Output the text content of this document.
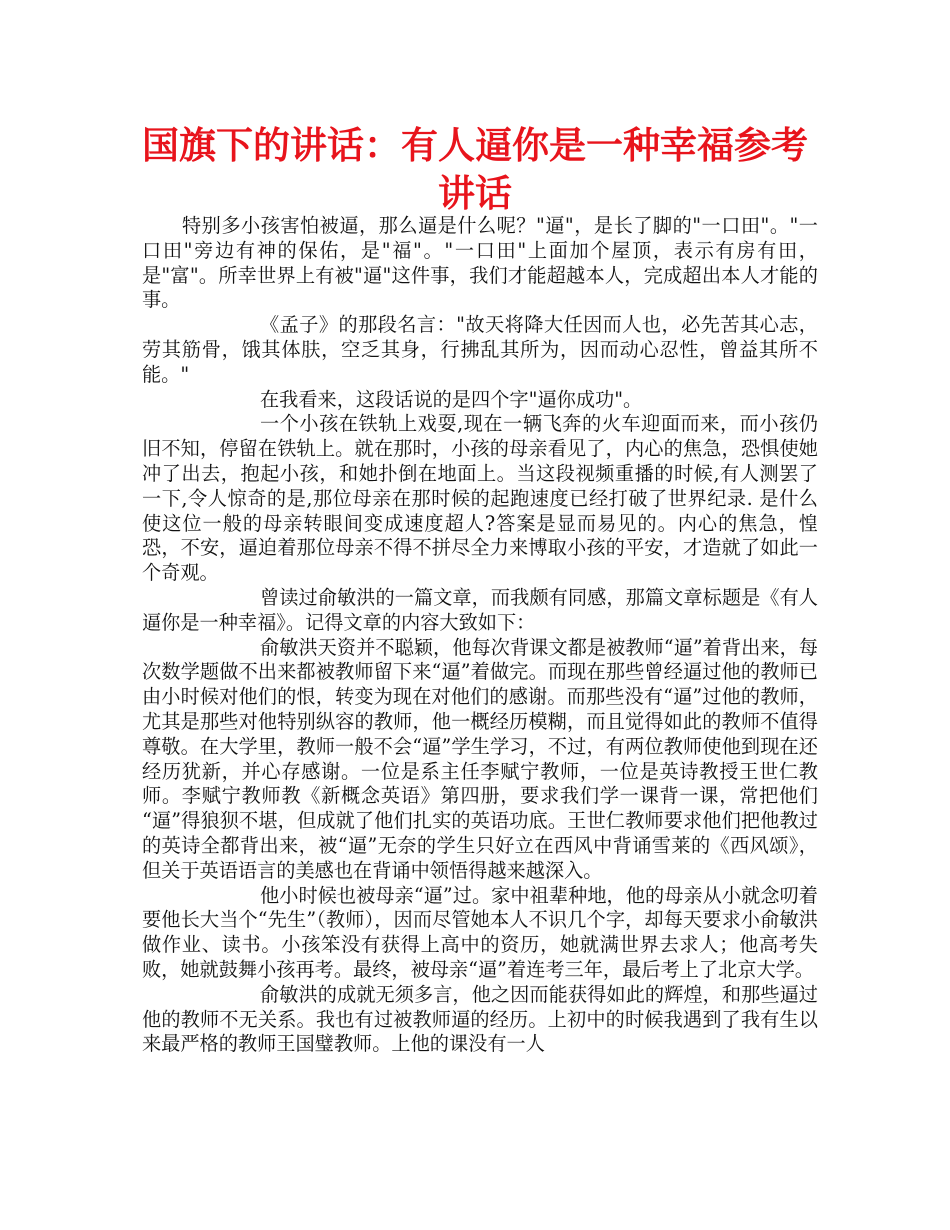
国旗下的讲话：有人逼你是一种幸福参考讲话

特别多小孩害怕被逼，那么逼是什么呢？"逼"，是长了脚的"一口田"。"一口田"旁边有神的保佑，是"福"。"一口田"上面加个屋顶，表示有房有田，是"富"。所幸世界上有被"逼"这件事，我们才能超越本人，完成超出本人才能的事。

《孟子》的那段名言："故天将降大任因而人也，必先苦其心志，劳其筋骨，饿其体肤，空乏其身，行拂乱其所为，因而动心忍性，曾益其所不能。"

在我看来，这段话说的是四个字"逼你成功"。

一个小孩在铁轨上戏耍,现在一辆飞奔的火车迎面而来，而小孩仍旧不知，停留在铁轨上。就在那时，小孩的母亲看见了，内心的焦急，恐惧使她冲了出去，抱起小孩，和她扑倒在地面上。当这段视频重播的时候,有人测罢了一下,令人惊奇的是,那位母亲在那时候的起跑速度已经打破了世界纪录. 是什么使这位一般的母亲转眼间变成速度超人?答案是显而易见的。内心的焦急，惶恐，不安，逼迫着那位母亲不得不拼尽全力来博取小孩的平安，才造就了如此一个奇观。

曾读过俞敏洪的一篇文章，而我颇有同感，那篇文章标题是《有人逼你是一种幸福》。记得文章的内容大致如下：

俞敏洪天资并不聪颖，他每次背课文都是被教师“逼”着背出来，每次数学题做不出来都被教师留下来“逼”着做完。而现在那些曾经逼过他的教师已由小时候对他们的恨，转变为现在对他们的感谢。而那些没有“逼”过他的教师，尤其是那些对他特别纵容的教师，他一概经历模糊，而且觉得如此的教师不值得尊敬。在大学里，教师一般不会“逼”学生学习，不过，有两位教师使他到现在还经历犹新，并心存感谢。一位是系主任李赋宁教师，一位是英诗教授王世仁教师。李赋宁教师教《新概念英语》第四册，要求我们学一课背一课，常把他们 “逼”得狼狈不堪，但成就了他们扎实的英语功底。王世仁教师要求他们把他教过的英诗全都背出来，被“逼”无奈的学生只好立在西风中背诵雪莱的《西风颂》，但关于英语语言的美感也在背诵中领悟得越来越深入。

他小时候也被母亲“逼”过。家中祖辈种地，他的母亲从小就念叨着要他长大当个“先生”（教师），因而尽管她本人不识几个字，却每天要求小俞敏洪做作业、读书。小孩笨没有获得上高中的资历，她就满世界去求人；他高考失败，她就鼓舞小孩再考。最终，被母亲“逼”着连考三年，最后考上了北京大学。

俞敏洪的成就无须多言，他之因而能获得如此的辉煌，和那些逼过他的教师不无关系。我也有过被教师逼的经历。上初中的时候我遇到了我有生以来最严格的教师王国璧教师。上他的课没有一人
